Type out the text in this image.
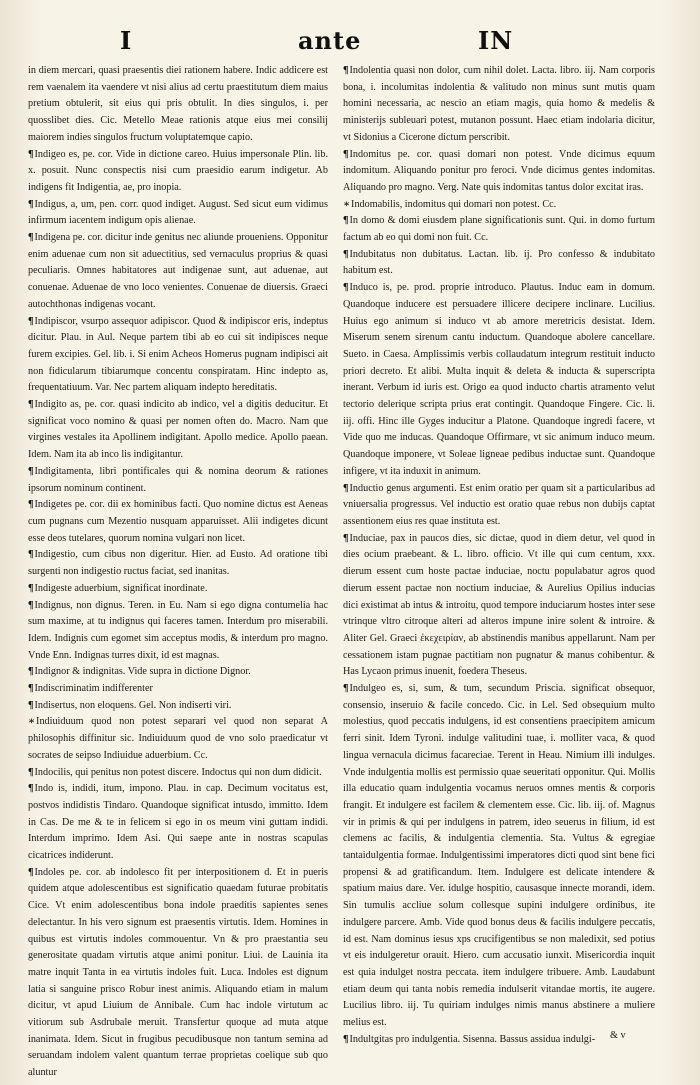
I	ante	IN

in diem mercari, quasi praesentis diei rationem habere. Indic addicere est rem vaenalem ita vaendere vt nisi alius ad certu praestitutum diem maius pretium obtulerit, sit eius qui pris obtulit. In dies singulos, i. per quosslibet dies. Cic. Metello Meae rationis atque eius mei consilij maiorem indies singulos fructum voluptatemque capio.

¶Indigeo es, pe. cor. Vide in dictione careo. Huius impersonale Plin. lib. x. posuit. Nunc conspectis nisi cum praesidio earum indigetur. Ab indigens fit Indigentia, ae, pro inopia.

¶Indigus, a, um, pen. corr. quod indiget. August. Sed sicut eum vidimus infirmum iacentem indigum opis alienae.

¶Indigena pe. cor. dicitur inde genitus nec aliunde proueniens. Opponitur enim aduenae cum non sit aduectitius, sed vernaculus proprius & quasi peculiaris. Omnes habitatores aut indigenae sunt, aut aduenae, aut conuenae. Aduenae de vno loco venientes. Conuenae de diuersis. Graeci autochthonas indigenas vocant.

¶Indipiscor, vsurpo assequor adipiscor. Quod & indipiscor eris, indeptus dicitur. Plau. in Aul. Neque partem tibi ab eo cui sit indipisces neque furem excipies. Gel. lib. i. Si enim Acheos Homerus pugnam indipisci ait non fidicularum tibiarumque concentu conspiratam. Hinc indepto as, frequentatiuum. Var. Nec partem aliquam indepto hereditatis.

¶Indigito as, pe. cor. quasi indicito ab indico, vel a digitis deducitur. Et significat voco nomino & quasi per nomen often do. Macro. Nam que virgines vestales ita Apollinem indigitant. Apollo medice. Apollo paean. Idem. Nam ita ab inco lis indigitantur.

¶Indigitamenta, libri pontificales qui & nomina deorum & rationes ipsorum nominum continent.

¶Indigetes pe. cor. dii ex hominibus facti. Quo nomine dictus est Aeneas cum pugnans cum Mezentio nusquam apparuisset. Alii indigetes dicunt esse deos tutelares, quorum nomina vulgari non licet.

¶Indigestio, cum cibus non digeritur. Hier. ad Eusto. Ad oratione tibi surgenti non indigestio ructus faciat, sed inanitas.

¶Indigeste aduerbium, significat inordinate.

¶Indignus, non dignus. Teren. in Eu. Nam si ego digna contumelia hac sum maxime, at tu indignus qui faceres tamen. Interdum pro miserabili. Idem. Indignis cum egomet sim acceptus modis, & interdum pro magno. Vnde Enn. Indignas turres dixit, id est magnas.

¶Indignor & indignitas. Vide supra in dictione Dignor.

¶Indiscriminatim indifferenter

¶Indisertus, non eloquens. Gel. Non indiserti viri.

∗Indiuiduum quod non potest separari vel quod non separat A philosophis diffinitur sic. Indiuiduum quod de vno solo praedicatur vt socrates de seipso Indiuidue aduerbium. Cc.

¶Indocilis, qui penitus non potest discere. Indoctus qui non dum didicit.

¶Indo is, indidi, itum, impono. Plau. in cap. Decimum vocitatus est, postvos indidistis Tindaro. Quandoque significat intusdo, immitto. Idem in Cas. De me & te in felicem si ego in os meum vini guttam indidi. Interdum imprimo. Idem Asi. Qui saepe ante in nostras scapulas cicatrices indiderunt.

¶Indoles pe. cor. ab indolesco fit per interpositionem d. Et in pueris quidem atque adolescentibus est significatio quaedam futurae probitatis Cice. Vt enim adolescentibus bona indole praeditis sapientes senes delectantur. In his vero signum est praesentis virtutis. Idem. Homines in quibus est virtutis indoles commouentur. Vn & pro praestantia seu generositate quadam virtutis atque animi ponitur. Liui. de Lauinia ita matre inquit Tanta in ea virtutis indoles fuit. Luca. Indoles est dignum latia si sanguine prisco Robur inest animis. Aliquando etiam in malum dicitur, vt apud Liuium de Annibale. Cum hac indole virtutum ac vitiorum sub Asdrubale meruit. Transfertur quoque ad muta atque inanimata. Idem. Sicut in frugibus pecudibusque non tantum semina ad seruandam indolem valent quantum terrae proprietas coelique sub quo aluntur

¶Indolentia quasi non dolor, cum nihil dolet. Lacta. libro. iij. Nam corporis bona, i. incolumitas indolentia & valitudo non minus sunt mutis quam homini necessaria, ac nescio an etiam magis, quia homo & medelis & ministerijs subleuari potest, mutanon possunt. Haec etiam indolaria dicitur, vt Sidonius a Cicerone dictum perscribit.

¶Indomitus pe. cor. quasi domari non potest. Vnde dicimus equum indomitum. Aliquando ponitur pro feroci. Vnde dicimus gentes indomitas. Aliquando pro magno. Verg. Nate quis indomitas tantus dolor excitat iras.

∗Indomabilis, indomitus qui domari non potest. Cc.

¶In domo & domi eiusdem plane significationis sunt. Qui. in domo furtum factum ab eo qui domi non fuit. Cc.

¶Indubitatus non dubitatus. Lactan. lib. ij. Pro confesso & indubitato habitum est.

¶Induco is, pe. prod. proprie introduco. Plautus. Induc eam in domum. Quandoque inducere est persuadere illicere decipere inclinare. Lucilius. Huius ego animum si induco vt ab amore meretricis desistat. Idem. Miserum senem sirenum cantu inductum. Quandoque abolere cancellare. Sueto. in Caesa. Amplissimis verbis collaudatum integrum restituit inducto priori decreto. Et alibi. Multa inquit & deleta & inducta & superscripta inerant. Verbum id iuris est. Origo ea quod inducto chartis atramento velut tectorio delerique scripta prius erat contingit. Quandoque Fingere. Cic. li. iij. offi. Hinc ille Gyges inducitur a Platone. Quandoque ingredi facere, vt Vide quo me inducas. Quandoque Offirmare, vt sic animum induco meum. Quandoque imponere, vt Soleae ligneae pedibus inductae sunt. Quandoque infigere, vt ita induxit in animum.

¶Inductio genus argumenti. Est enim oratio per quam sit a particularibus ad vniuersalia progressus. Vel inductio est oratio quae rebus non dubijs captat assentionem eius res quae instituta est.

¶Induciae, pax in paucos dies, sic dictae, quod in diem detur, vel quod in dies ocium praebeant. & L. libro. officio. Vt ille qui cum centum, xxx. dierum essent cum hoste pactae induciae, noctu populabatur agros quod dierum essent pactae non noctium induciae, & Aurelius Opilius inducias dici existimat ab intus & introitu, quod tempore induciarum hostes inter sese vtrinque vltro citroque alteri ad alteros impune inire solent & introire. & Aliter Gel. Graeci ἐκεχειρίαν, ab abstinendis manibus appellarunt. Nam per cessationem istam pugnae pactitiam non pugnatur & manus cohibentur. & Has Lycaon primus inuenit, foedera Theseus.

¶Indulgeo es, si, sum, & tum, secundum Priscia. significat obsequor, consensio, inseruio & facile concedo. Cic. in Lel. Sed obsequium multo molestius, quod peccatis indulgens, id est consentiens praecipitem amicum ferri sinit. Idem Tyroni. indulge valitudini tuae, i. molliter vaca, & quod lingua vernacula dicimus facareciae. Terent in Heau. Nimium illi indulges. Vnde indulgentia mollis est permissio quae seueritati opponitur. Qui. Mollis illa educatio quam indulgentia vocamus neruos omnes mentis & corporis frangit. Et indulgere est facilem & clementem esse. Cic. lib. iij. of. Magnus vir in primis & qui per indulgens in patrem, ideo seuerus in filium, id est clemens ac facilis, & indulgentia clementia. Sta. Vultus & egregiae tantaidulgentia formae. Indulgentissimi imperatores dicti quod sint bene fici propensi & ad gratificandum. Item. Indulgere est delicate intendere & spatium maius dare. Ver. idulge hospitio, causasque innecte morandi, idem. Sin tumulis accliue solum collesque supini indulgere ordinibus, ite indulgere parcere. Amb. Vide quod bonus deus & facilis indulgere peccatis, id est. Nam dominus iesus xps crucifigentibus se non maledixit, sed potius vt eis indulgeretur orauit. Hiero. cum accusatio iunxit. Misericordia inquit est quia indulget nostra peccata. item indulgere tribuere. Amb. Laudabunt etiam deum qui tanta nobis remedia indulserit vitandae mortis, ite augere. Lucilius libro. iij. Tu quiriam indulges nimis manus abstinere a muliere melius est.

¶Indultgitas pro indulgentia. Sisenna. Bassus assidua indulgi-	& v
